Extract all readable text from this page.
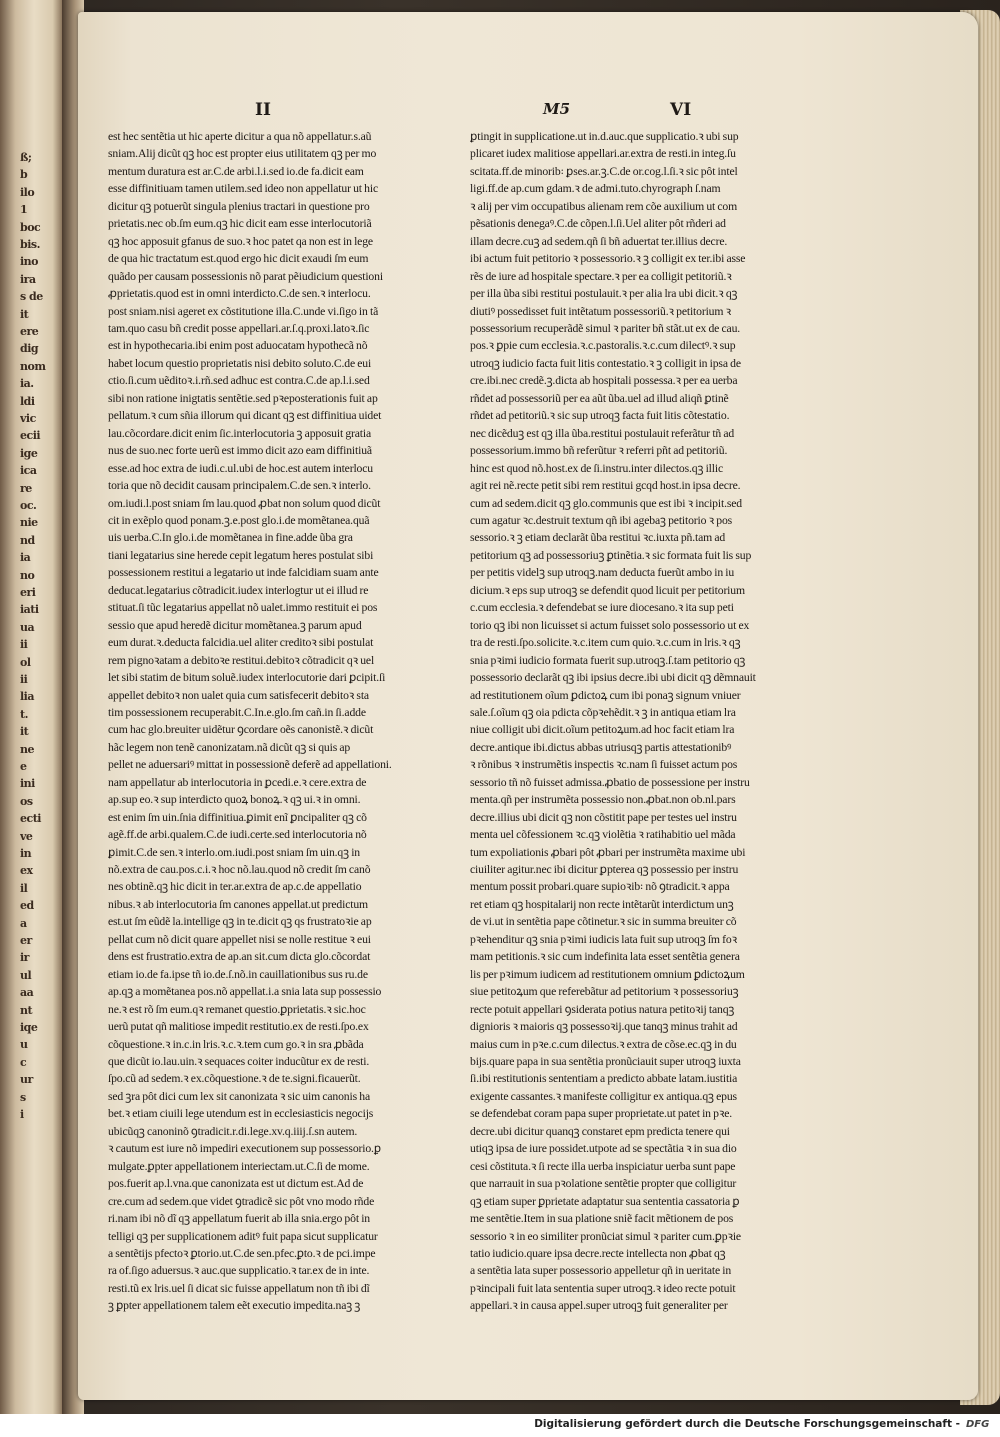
ß;
b
ilo
1
boc
bis.
ino
ira
s de
it
ere
dig
nom
ia.
ldi
vic
ecii
ige
ica
re
oc.
nie
nd
ia
no
eri
iati
ua
ii
ol
ii
lia
t.
it
ne
e
ini
os
ecti
ve
in
ex
il
ed
a
er
ir
ul
aa
nt
iqe
u
c
ur
s
i
II	M5	VI
est hec sentẽtia ut hic aperte dicitur a qua nõ appellatur.s.aũ
sniam.Alij dicũt qꝫ hoc est propter eius utilitatem qꝫ per mo
mentum duratura est ar.C.de arbi.l.i.sed io.de fa.dicit eam
esse diffinitiuam tamen utilem.sed ideo non appellatur ut hic
dicitur qꝫ potuerũt singula plenius tractari in questione pro
prietatis.nec ob.ſm eum.qꝫ hic dicit eam esse interlocutoriã
qꝫ hoc apposuit gfanus de suo.ꝛ hoc patet qa non est in lege
de qua hic tractatum est.quod ergo hic dicit exaudi ſm eum
quãdo per causam possessionis nõ parat pẽiudicium questioni
ꝓprietatis.quod est in omni interdicto.C.de sen.ꝛ interlocu.
post sniam.nisi ageret ex cõstitutione illa.C.unde vi.ſigo in tã
tam.quo casu bñ credit posse appellari.ar.ſ.q.proxi.latoꝛ.ſic
est in hypothecaria.ibi enim post aduocatam hypothecã nõ
habet locum questio proprietatis nisi debito soluto.C.de eui
ctio.ſi.cum uẽditoꝛ.i.rñ.sed adhuc est contra.C.de ap.l.i.sed
sibi non ratione inigtatis sentẽtie.sed pꝛeposterationis fuit ap
pellatum.ꝛ cum sñia illorum qui dicant qꝫ est diffinitiua uidet
lau.cõcordare.dicit enim ſic.interlocutoria ꝫ apposuit gratia
nus de suo.nec forte uerũ est immo dicit azo eam diffinitiuã
esse.ad hoc extra de iudi.c.ul.ubi de hoc.est autem interlocu
toria que nõ decidit causam principalem.C.de sen.ꝛ interlo.
om.iudi.l.post sniam ſm lau.quod ꝓbat non solum quod dicũt
cit in exẽplo quod ponam.ꝫ.e.post glo.i.de momẽtanea.quã
uis uerba.C.In glo.i.de momẽtanea in fine.adde ũba gra
tiani legatarius sine herede cepit legatum heres postulat sibi
possessionem restitui a legatario ut inde falcidiam suam ante
deducat.legatarius cõtradicit.iudex interlogtur ut ei illud re
stituat.ſi tũc legatarius appellat nõ ualet.immo restituit ei pos
sessio que apud heredẽ dicitur momẽtanea.ꝫ parum apud
eum durat.ꝛ.deducta falcidia.uel aliter creditoꝛ sibi postulat
rem pignoꝛatam a debitoꝛe restitui.debitoꝛ cõtradicit qꝛ uel
let sibi statim de bitum soluẽ.iudex interlocutorie dari ꝑcipit.ſi
appellet debitoꝛ non ualet quia cum satisfecerit debitoꝛ sta
tim possessionem recuperabit.C.In.e.glo.ſm cañ.in ſi.adde
cum hac glo.breuiter uidẽtur ꝯcordare oẽs canonistẽ.ꝛ dicũt
hãc legem non tenẽ canonizatam.nã dicũt qꝫ si quis ap
pellet ne aduersariꝰ mittat in possessionẽ deferẽ ad appellationi.
nam appellatur ab interlocutoria in ꝑcedi.e.ꝛ cere.extra de
ap.sup eo.ꝛ sup interdicto quoꝝ bonoꝝ.ꝛ qꝫ ui.ꝛ in omni.
est enim ſm uin.ſnia diffinitiua.ꝑimit enĩ ꝑncipaliter qꝫ cõ
agẽ.ff.de arbi.qualem.C.de iudi.certe.sed interlocutoria nõ
ꝑimit.C.de sen.ꝛ interlo.om.iudi.post sniam ſm uin.qꝫ in
nõ.extra de cau.pos.c.i.ꝛ hoc nõ.lau.quod nõ credit ſm canõ
nes obtinẽ.qꝫ hic dicit in ter.ar.extra de ap.c.de appellatio
nibus.ꝛ ab interlocutoria ſm canones appellat.ut predictum
est.ut ſm eũdẽ la.intellige qꝫ in te.dicit qꝫ qs frustratoꝛie ap
pellat cum nõ dicit quare appellet nisi se nolle restitue ꝛ eui
dens est frustratio.extra de ap.an sit.cum dicta glo.cõcordat
etiam io.de fa.ipse tñ io.de.ſ.nõ.in cauillationibus sus ru.de
ap.qꝫ a momẽtanea pos.nõ appellat.i.a snia lata sup possessio
ne.ꝛ est rõ ſm eum.qꝛ remanet questio.ꝑprietatis.ꝛ sic.hoc
uerũ putat qñ malitiose impedit restitutio.ex de resti.ſpo.ex
cõquestione.ꝛ in.c.in lris.ꝛ.c.ꝛ.tem cum go.ꝛ in sra ꝓbãda
que dicũt io.lau.uin.ꝛ sequaces coiter inducũtur ex de resti.
ſpo.cũ ad sedem.ꝛ ex.cõquestione.ꝛ de te.signi.ficauerũt.
sed ꝫra pôt dici cum lex sit canonizata ꝛ sic uim canonis ha
bet.ꝛ etiam ciuili lege utendum est in ecclesiasticis negocijs
ubicũqꝫ canoninõ ꝯtradicit.r.di.lege.xv.q.iiij.ſ.sn autem.
ꝛ cautum est iure nõ impediri executionem sup possessorio.ꝑ
mulgate.ꝑpter appellationem interiectam.ut.C.ſi de mome.
pos.fuerit ap.l.vna.que canonizata est ut dictum est.Ad de
cre.cum ad sedem.que videt ꝯtradicẽ sic pôt vno modo rñde
ri.nam ibi nõ dĩ qꝫ appellatum fuerit ab illa snia.ergo pôt in
telligi qꝫ per supplicationem aditꝰ fuit papa sicut supplicatur
a sentẽtijs pfectoꝛ ꝑtorio.ut.C.de sen.pfec.ꝑto.ꝛ de pci.impe
ra of.ſigo aduersus.ꝛ auc.que supplicatio.ꝛ tar.ex de in inte.
resti.tũ ex lris.uel ſi dicat sic fuisse appellatum non tñ ibi dĩ
ꝫ ꝑpter appellationem talem eẽt executio impedita.naꝫ ꝫ
ꝑtingit in supplicatione.ut in.d.auc.que supplicatio.ꝛ ubi sup
plicaret iudex malitiose appellari.ar.extra de resti.in integ.ſu
scitata.ff.de minorib꞉ ꝑses.ar.ꝫ.C.de or.cog.l.ſi.ꝛ sic pôt intel
ligi.ff.de ap.cum gdam.ꝛ de admi.tuto.chyrograph ſ.nam
ꝛ alij per vim occupatibus alienam rem cõe auxilium ut com
pẽsationis denegaꝰ.C.de cõpen.l.ſi.Uel aliter pôt rñderi ad
illam decre.cuꝫ ad sedem.qñ ſi bñ aduertat ter.illius decre.
ibi actum fuit petitorio ꝛ possessorio.ꝛ ꝫ colligit ex ter.ibi asse
rẽs de iure ad hospitale spectare.ꝛ per ea colligit petitoriũ.ꝛ
per illa ũba sibi restitui postulauit.ꝛ per alia lra ubi dicit.ꝛ qꝫ
diutiꝰ possedisset fuit intẽtatum possessoriũ.ꝛ petitorium ꝛ
possessorium recuperãdẽ simul ꝛ pariter bñ stãt.ut ex de cau.
pos.ꝛ ꝑpie cum ecclesia.ꝛ.c.pastoralis.ꝛ.c.cum dilectꝰ.ꝛ sup
utroqꝫ iudicio facta fuit litis contestatio.ꝛ ꝫ colligit in ipsa de
cre.ibi.nec credẽ.ꝫ.dicta ab hospitali possessa.ꝛ per ea uerba
rñdet ad possessoriũ per ea aũt ũba.uel ad illud aliqñ ꝑtinẽ
rñdet ad petitoriũ.ꝛ sic sup utroqꝫ facta fuit litis cõtestatio.
nec dicẽduꝫ est qꝫ illa ũba.restitui postulauit referãtur tñ ad
possessorium.immo bñ referũtur ꝛ referri pñt ad petitoriũ.
hinc est quod nõ.host.ex de ſi.instru.inter dilectos.qꝫ illic
agit rei nẽ.recte petit sibi rem restitui gcqd host.in ipsa decre.
cum ad sedem.dicit qꝫ glo.communis que est ibi ꝛ incipit.sed
cum agatur ꝛc.destruit textum qñ ibi agebaꝫ petitorio ꝛ pos
sessorio.ꝛ ꝫ etiam declarãt ũba restitui ꝛc.iuxta pñ.tam ad
petitorium qꝫ ad possessoriuꝫ ꝑtinẽtia.ꝛ sic formata fuit lis sup
per petitis videlꝫ sup utroqꝫ.nam deducta fuerũt ambo in iu
dicium.ꝛ eps sup utroqꝫ se defendit quod licuit per petitorium
c.cum ecclesia.ꝛ defendebat se iure diocesano.ꝛ ita sup peti
torio qꝫ ibi non licuisset si actum fuisset solo possessorio ut ex
tra de resti.ſpo.solicite.ꝛ.c.item cum quio.ꝛ.c.cum in lris.ꝛ qꝫ
snia pꝛimi iudicio formata fuerit sup.utroqꝫ.ſ.tam petitorio qꝫ
possessorio declarãt qꝫ ibi ipsius decre.ibi ubi dicit qꝫ dẽmnauit
ad restitutionem oĩum ꝑdictoꝝ cum ibi ponaꝫ signum vniuer
sale.ſ.oĩum qꝫ oia pdicta cõpꝛehẽdit.ꝛ ꝫ in antiqua etiam lra
niue colligit ubi dicit.oĩum petitoꝝum.ad hoc facit etiam lra
decre.antique ibi.dictus abbas utriusqꝫ partis attestationibꝰ
ꝛ rõnibus ꝛ instrumẽtis inspectis ꝛc.nam ſi fuisset actum pos
sessorio tñ nõ fuisset admissa.ꝓbatio de possessione per instru
menta.qñ per instrumẽta possessio non.ꝓbat.non ob.nl.pars
decre.illius ubi dicit qꝫ non cõstitit pape per testes uel instru
menta uel cõfessionem ꝛc.qꝫ violẽtia ꝛ ratihabitio uel mãda
tum expoliationis ꝓbari pôt ꝓbari per instrumẽta maxime ubi
ciuiliter agitur.nec ibi dicitur ꝑpterea qꝫ possessio per instru
mentum possit probari.quare supioꝛib꞉ nõ ꝯtradicit.ꝛ appa
ret etiam qꝫ hospitalarij non recte intẽtarũt interdictum unꝫ
de vi.ut in sentẽtia pape cõtinetur.ꝛ sic in summa breuiter cõ
pꝛehenditur qꝫ snia pꝛimi iudicis lata fuit sup utroqꝫ ſm foꝛ
mam petitionis.ꝛ sic cum indefinita lata esset sentẽtia genera
lis per pꝛimum iudicem ad restitutionem omnium ꝑdictoꝝum
siue petitoꝝum que referebãtur ad petitorium ꝛ possessoriuꝫ
recte potuit appellari ꝯsiderata potius natura petitoꝛij tanqꝫ
dignioris ꝛ maioris qꝫ possessoꝛij.que tanqꝫ minus trahit ad
maius cum in pꝛe.c.cum dilectus.ꝛ extra de cõse.ec.qꝫ in du
bijs.quare papa in sua sentẽtia pronũciauit super utroqꝫ iuxta
ſi.ibi restitutionis sententiam a predicto abbate latam.iustitia
exigente cassantes.ꝛ manifeste colligitur ex antiqua.qꝫ epus
se defendebat coram papa super proprietate.ut patet in pꝛe.
decre.ubi dicitur quanqꝫ constaret epm predicta tenere qui
utiqꝫ ipsa de iure possidet.utpote ad se spectãtia ꝛ in sua dio
cesi cõstituta.ꝛ ſi recte illa uerba inspiciatur uerba sunt pape
que narrauit in sua pꝛolatione sentẽtie propter que colligitur
qꝫ etiam super ꝑprietate adaptatur sua sententia cassatoria ꝑ
me sentẽtie.Item in sua platione sniẽ facit mẽtionem de pos
sessorio ꝛ in eo similiter pronũciat simul ꝛ pariter cum.ꝑpꝛie
tatio iudicio.quare ipsa decre.recte intellecta non ꝓbat qꝫ
a sentẽtia lata super possessorio appelletur qñ in ueritate in
pꝛincipali fuit lata sententia super utroqꝫ.ꝛ ideo recte potuit
appellari.ꝛ in causa appel.super utroqꝫ fuit generaliter per
Digitalisierung gefördert durch die Deutsche Forschungsgemeinschaft - DFG
